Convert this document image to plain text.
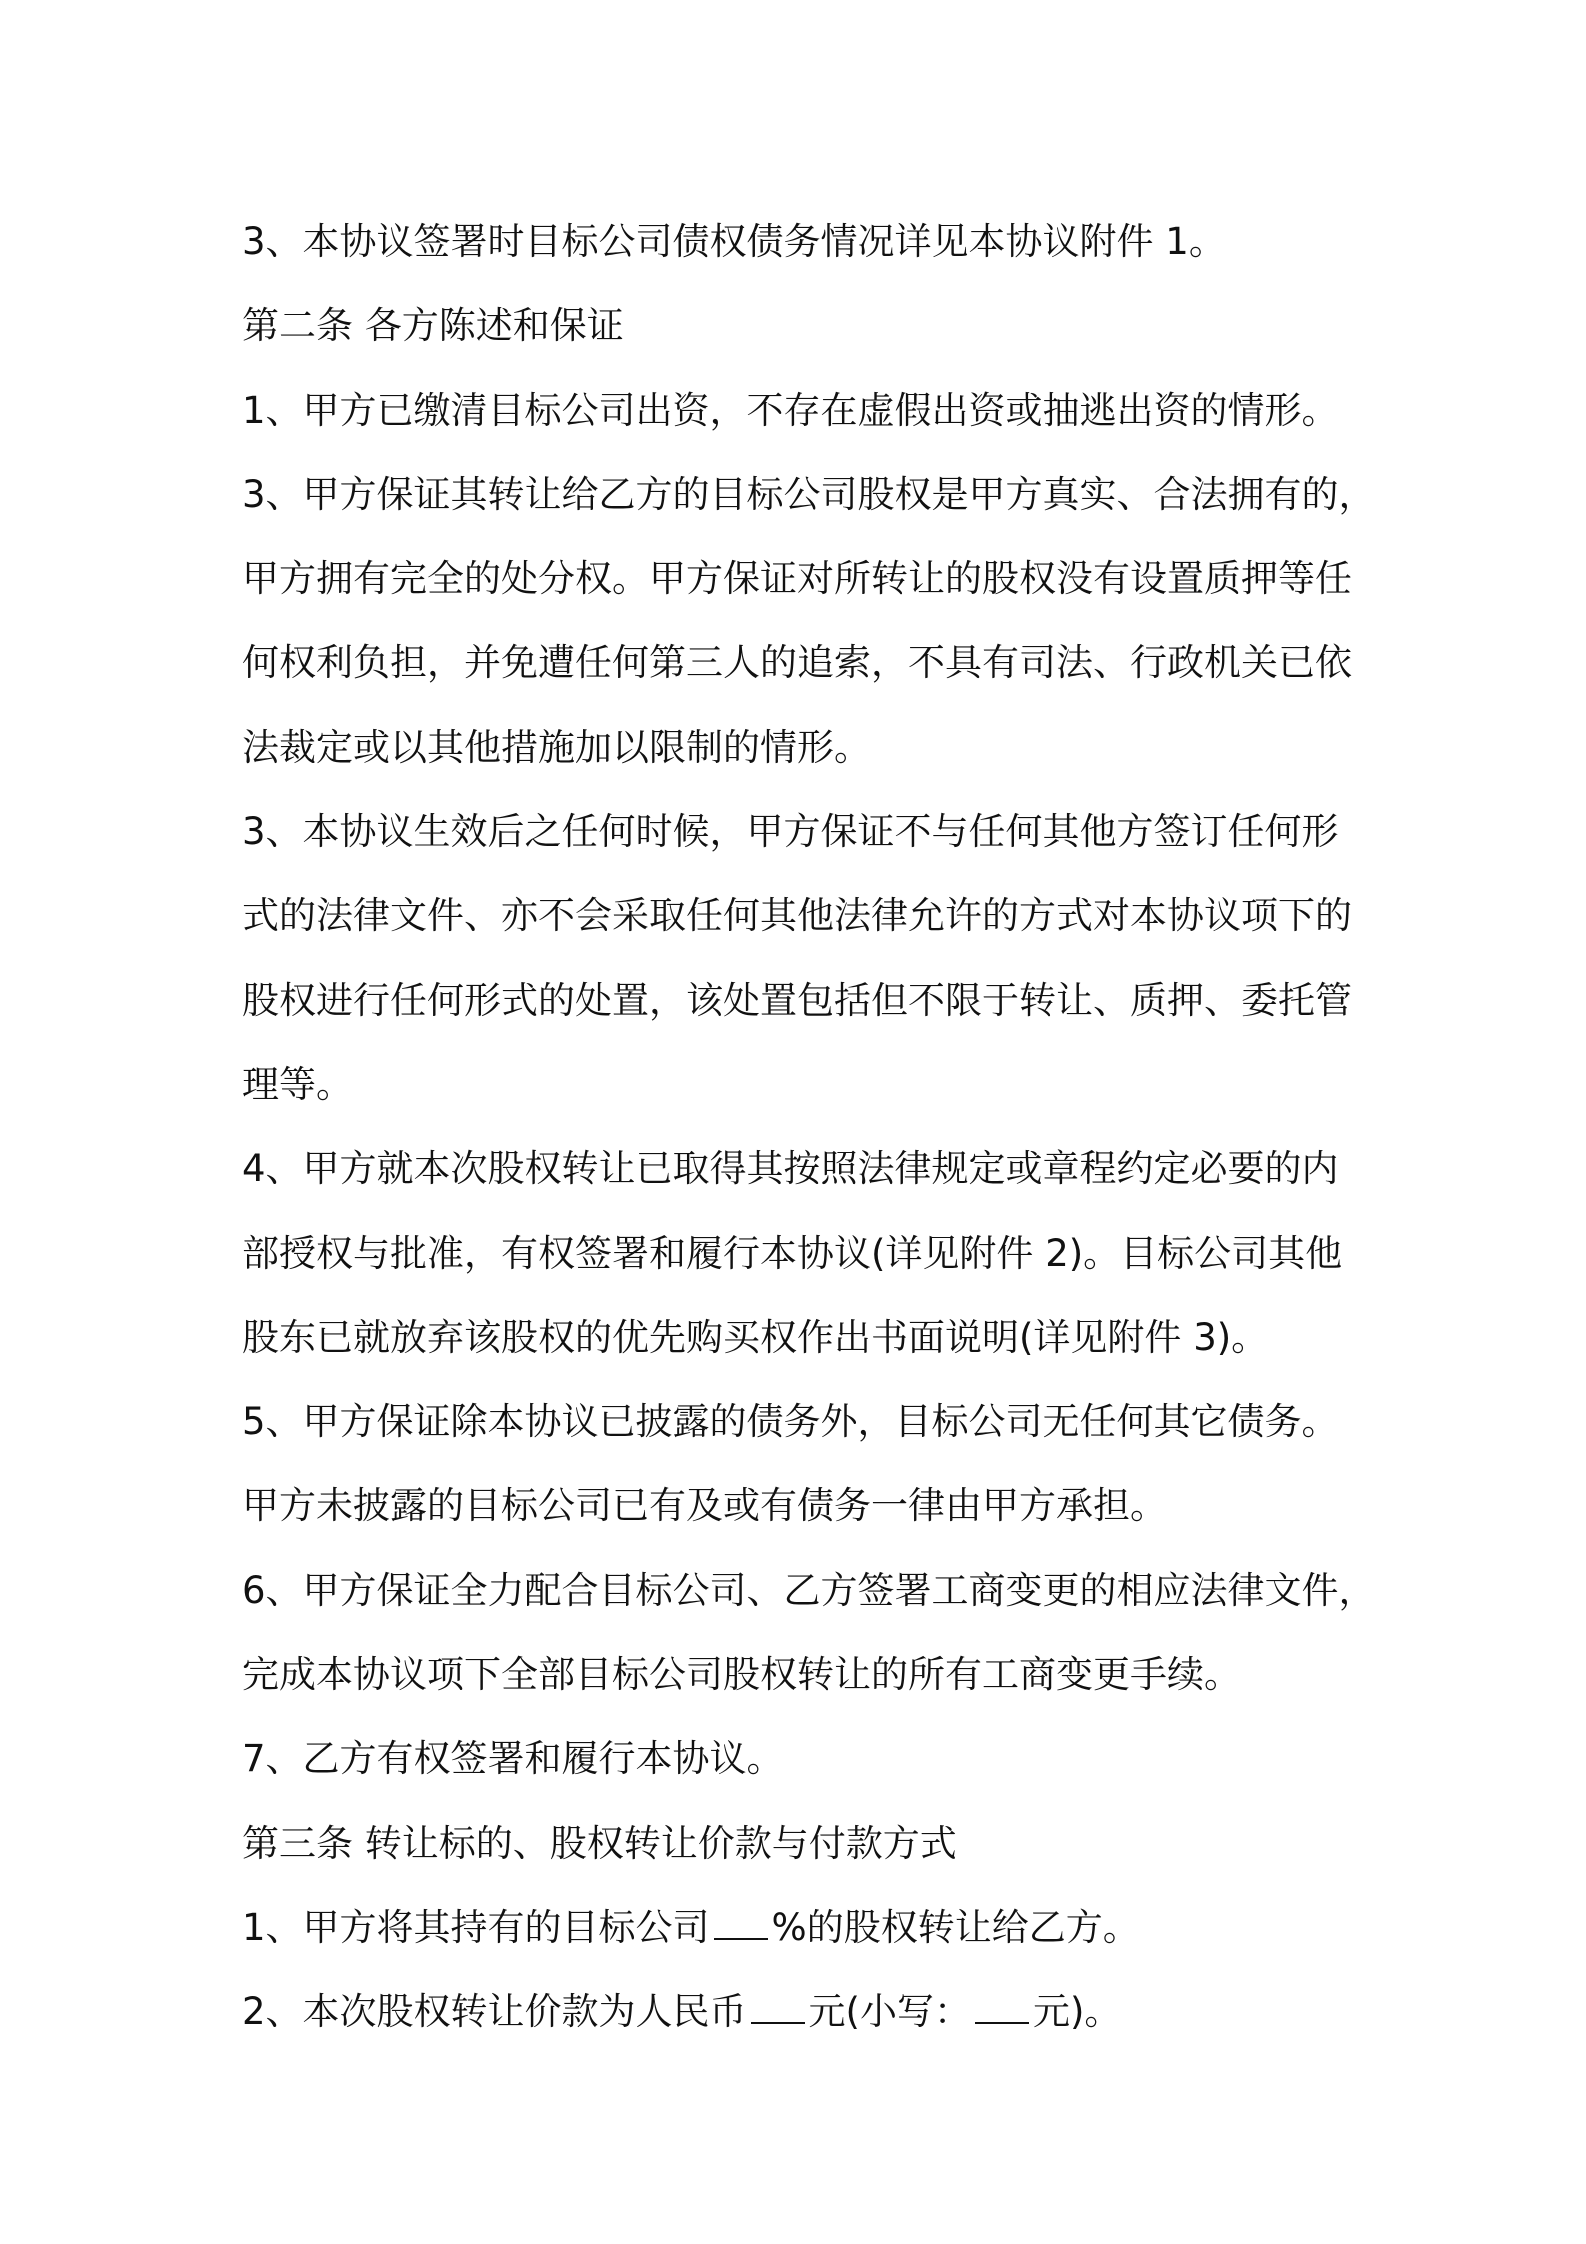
3、本协议签署时目标公司债权债务情况详见本协议附件 1。
第二条 各方陈述和保证
1、甲方已缴清目标公司出资，不存在虚假出资或抽逃出资的情形。
3、甲方保证其转让给乙方的目标公司股权是甲方真实、合法拥有的，
甲方拥有完全的处分权。甲方保证对所转让的股权没有设置质押等任
何权利负担，并免遭任何第三人的追索，不具有司法、行政机关已依
法裁定或以其他措施加以限制的情形。
3、本协议生效后之任何时候，甲方保证不与任何其他方签订任何形
式的法律文件、亦不会采取任何其他法律允许的方式对本协议项下的
股权进行任何形式的处置，该处置包括但不限于转让、质押、委托管
理等。
4、甲方就本次股权转让已取得其按照法律规定或章程约定必要的内
部授权与批准，有权签署和履行本协议(详见附件 2)。目标公司其他
股东已就放弃该股权的优先购买权作出书面说明(详见附件 3)。
5、甲方保证除本协议已披露的债务外，目标公司无任何其它债务。
甲方未披露的目标公司已有及或有债务一律由甲方承担。
6、甲方保证全力配合目标公司、乙方签署工商变更的相应法律文件，
完成本协议项下全部目标公司股权转让的所有工商变更手续。
7、乙方有权签署和履行本协议。
第三条 转让标的、股权转让价款与付款方式
1、甲方将其持有的目标公司 %的股权转让给乙方。
2、本次股权转让价款为人民币 元(小写： 元)。
